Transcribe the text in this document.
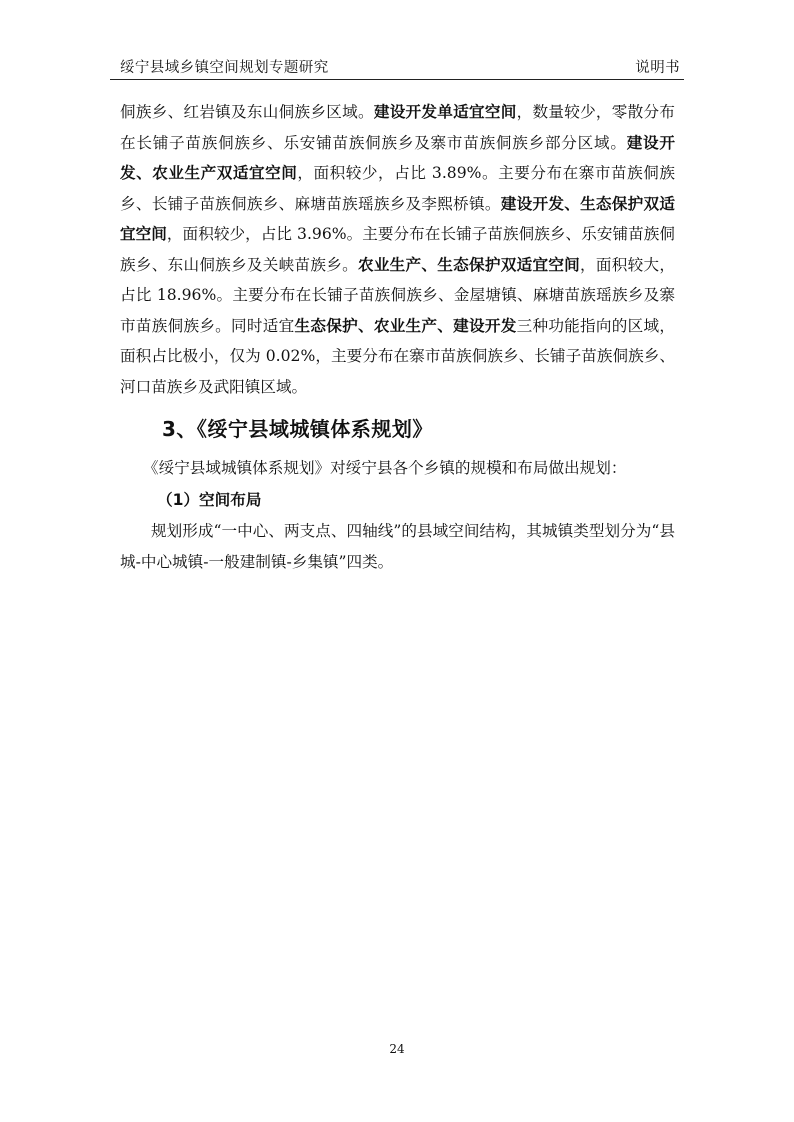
绥宁县域乡镇空间规划专题研究	说明书
侗族乡、红岩镇及东山侗族乡区域。建设开发单适宜空间，数量较少，零散分布在长铺子苗族侗族乡、乐安铺苗族侗族乡及寨市苗族侗族乡部分区域。建设开发、农业生产双适宜空间，面积较少，占比 3.89%。主要分布在寨市苗族侗族乡、长铺子苗族侗族乡、麻塘苗族瑶族乡及李熙桥镇。建设开发、生态保护双适宜空间，面积较少，占比 3.96%。主要分布在长铺子苗族侗族乡、乐安铺苗族侗族乡、东山侗族乡及关峡苗族乡。农业生产、生态保护双适宜空间，面积较大，占比 18.96%。主要分布在长铺子苗族侗族乡、金屋塘镇、麻塘苗族瑶族乡及寨市苗族侗族乡。同时适宜生态保护、农业生产、建设开发三种功能指向的区域，面积占比极小，仅为 0.02%，主要分布在寨市苗族侗族乡、长铺子苗族侗族乡、河口苗族乡及武阳镇区域。
3、《绥宁县域城镇体系规划》
《绥宁县域城镇体系规划》对绥宁县各个乡镇的规模和布局做出规划：
（1）空间布局
规划形成“一中心、两支点、四轴线”的县域空间结构，其城镇类型划分为“县城-中心城镇-一般建制镇-乡集镇”四类。
24
